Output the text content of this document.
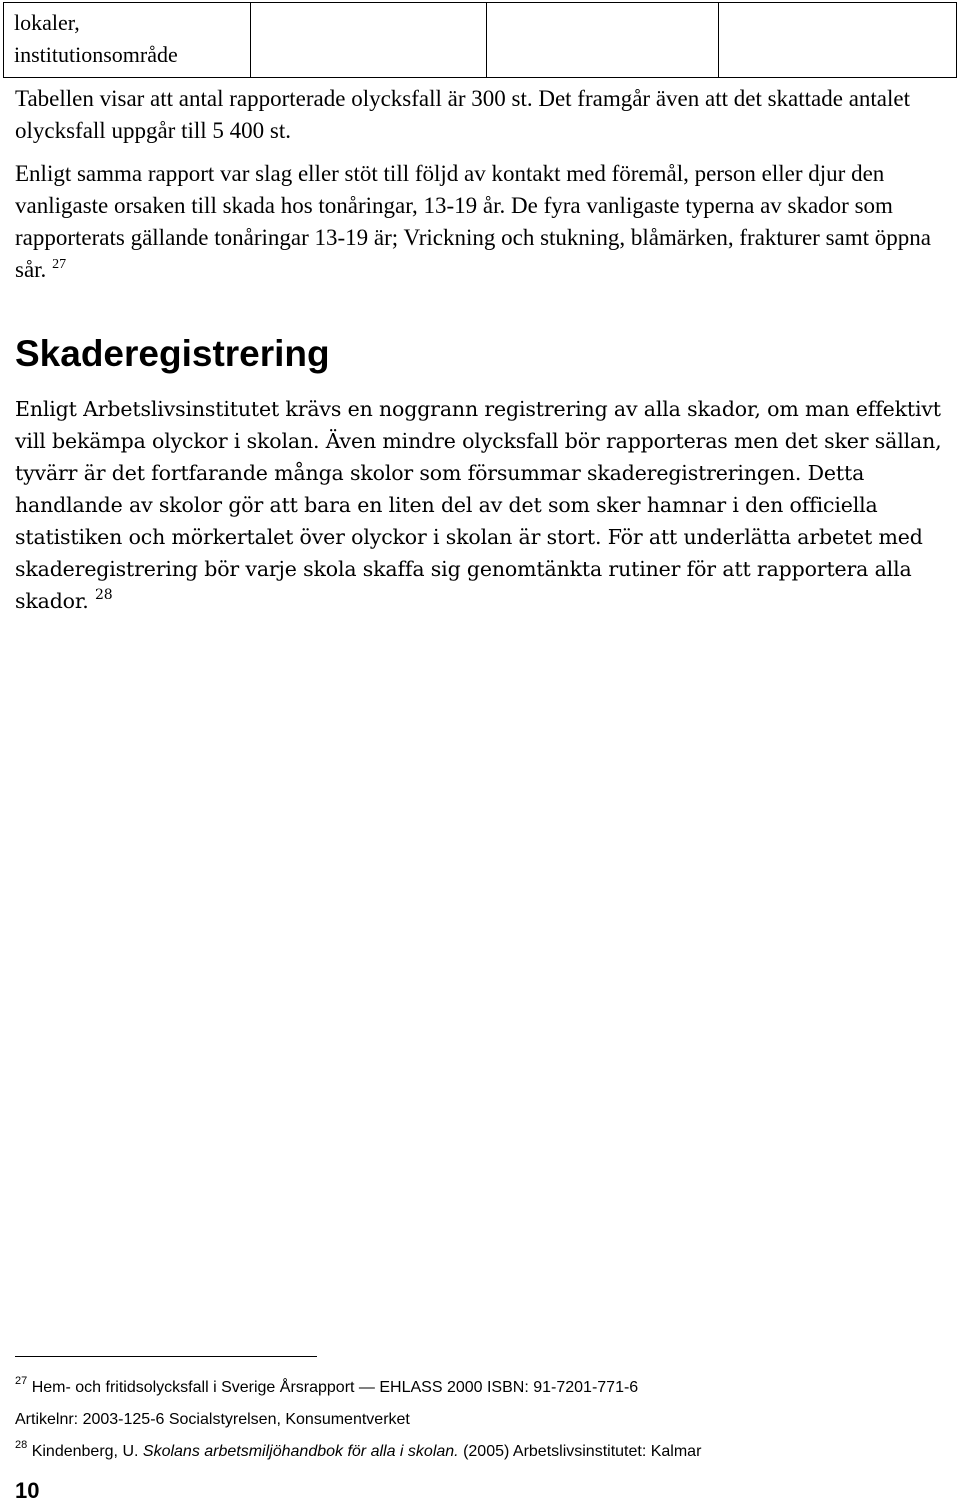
lokaler,
institutionsområde			

Tabellen visar att antal rapporterade olycksfall är 300 st. Det framgår även att det skattade antalet olycksfall uppgår till 5 400 st.

Enligt samma rapport var slag eller stöt till följd av kontakt med föremål, person eller djur den vanligaste orsaken till skada hos tonåringar, 13-19 år. De fyra vanligaste typerna av skador som rapporterats gällande tonåringar 13-19 är; Vrickning och stukning, blåmärken, frakturer samt öppna sår. $^{27}$

Skaderegistrering

Enligt Arbetslivsinstitutet krävs en noggrann registrering av alla skador, om man effektivt vill bekämpa olyckor i skolan. Även mindre olycksfall bör rapporteras men det sker sällan, tyvärr är det fortfarande många skolor som försummar skaderegistreringen. Detta handlande av skolor gör att bara en liten del av det som sker hamnar i den officiella statistiken och mörkertalet över olyckor i skolan är stort. För att underlätta arbetet med skaderegistrering bör varje skola skaffa sig genomtänkta rutiner för att rapportera alla skador. $^{28}$

$^{27}$ Hem- och fritidsolycksfall i Sverige Årsrapport — EHLASS 2000 ISBN: 91-7201-771-6

Artikelnr: 2003-125-6 Socialstyrelsen, Konsumentverket

$^{28}$ Kindenberg, U. Skolans arbetsmiljöhandbok för alla i skolan. (2005) Arbetslivsinstitutet: Kalmar

10
